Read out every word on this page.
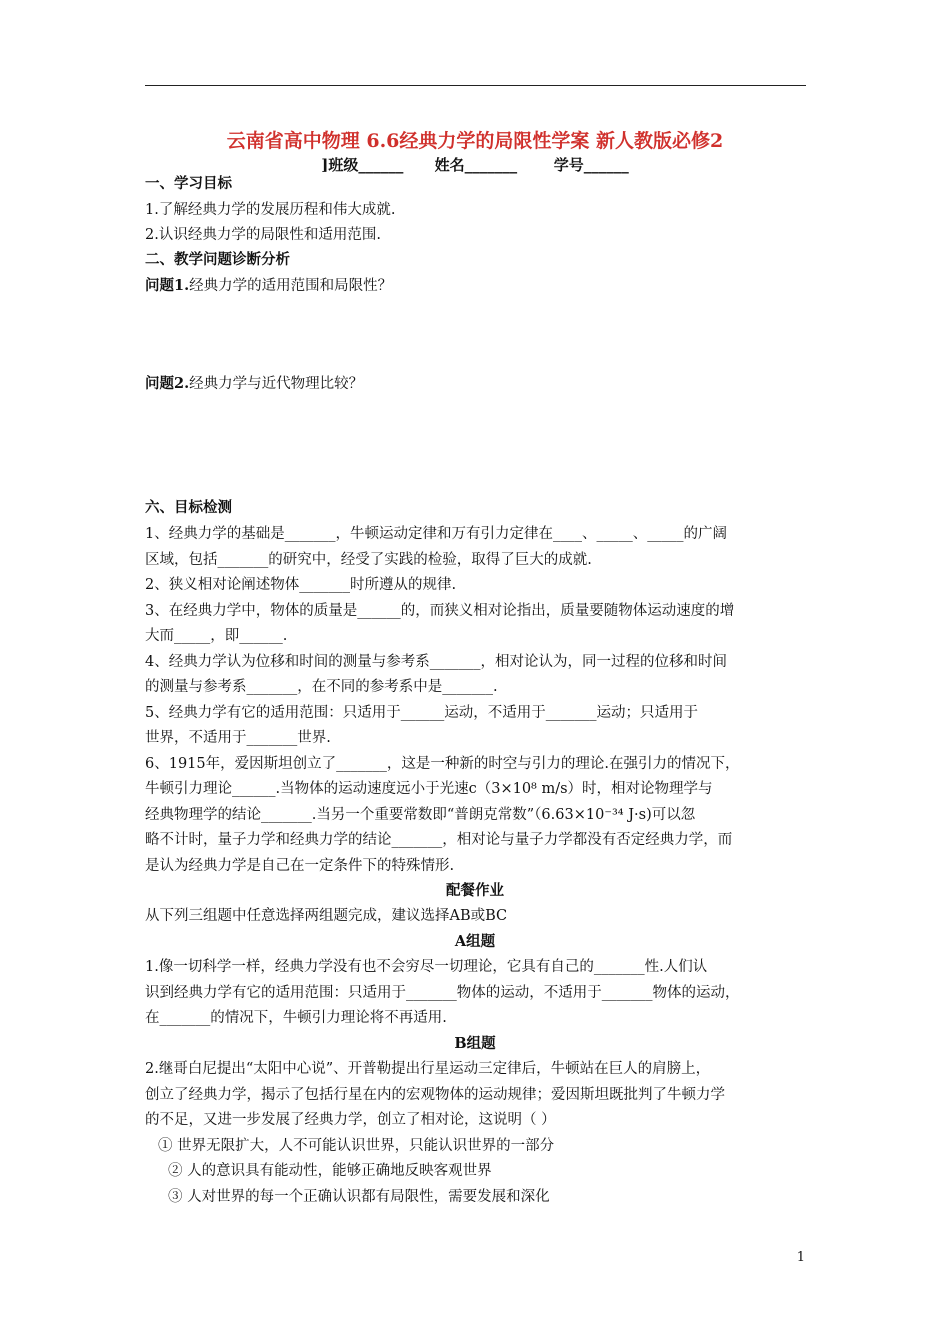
云南省高中物理 6.6经典力学的局限性学案 新人教版必修2
]班级______      姓名_______       学号______
一、学习目标
1.了解经典力学的发展历程和伟大成就.
2.认识经典力学的局限性和适用范围.
二、教学问题诊断分析
问题1.经典力学的适用范围和局限性？
问题2.经典力学与近代物理比较？
六、目标检测
1、经典力学的基础是_______，牛顿运动定律和万有引力定律在____、_____、_____的广阔
区域，包括_______的研究中，经受了实践的检验，取得了巨大的成就.
2、狭义相对论阐述物体_______时所遵从的规律.
3、在经典力学中，物体的质量是______的，而狭义相对论指出，质量要随物体运动速度的增
大而_____，即______.
4、经典力学认为位移和时间的测量与参考系_______，相对论认为，同一过程的位移和时间
的测量与参考系_______，在不同的参考系中是_______.
5、经典力学有它的适用范围：只适用于______运动，不适用于_______运动；只适用于
世界，不适用于_______世界.
6、1915年，爱因斯坦创立了_______，这是一种新的时空与引力的理论.在强引力的情况下，
牛顿引力理论______.当物体的运动速度远小于光速c（3×10⁸ m/s）时，相对论物理学与
经典物理学的结论_______.当另一个重要常数即“普朗克常数”（6.63×10⁻³⁴ J·s)可以忽
略不计时，量子力学和经典力学的结论_______，相对论与量子力学都没有否定经典力学，而
是认为经典力学是自己在一定条件下的特殊情形.
配餐作业
从下列三组题中任意选择两组题完成，建议选择AB或BC
A组题
1.像一切科学一样，经典力学没有也不会穷尽一切理论，它具有自己的_______性.人们认
识到经典力学有它的适用范围：只适用于_______物体的运动，不适用于_______物体的运动，
在_______的情况下，牛顿引力理论将不再适用.
B组题
2.继哥白尼提出“太阳中心说”、开普勒提出行星运动三定律后，牛顿站在巨人的肩膀上，
创立了经典力学，揭示了包括行星在内的宏观物体的运动规律；爱因斯坦既批判了牛顿力学
的不足，又进一步发展了经典力学，创立了相对论，这说明（ ）
① 世界无限扩大，人不可能认识世界，只能认识世界的一部分
② 人的意识具有能动性，能够正确地反映客观世界
③ 人对世界的每一个正确认识都有局限性，需要发展和深化
1
